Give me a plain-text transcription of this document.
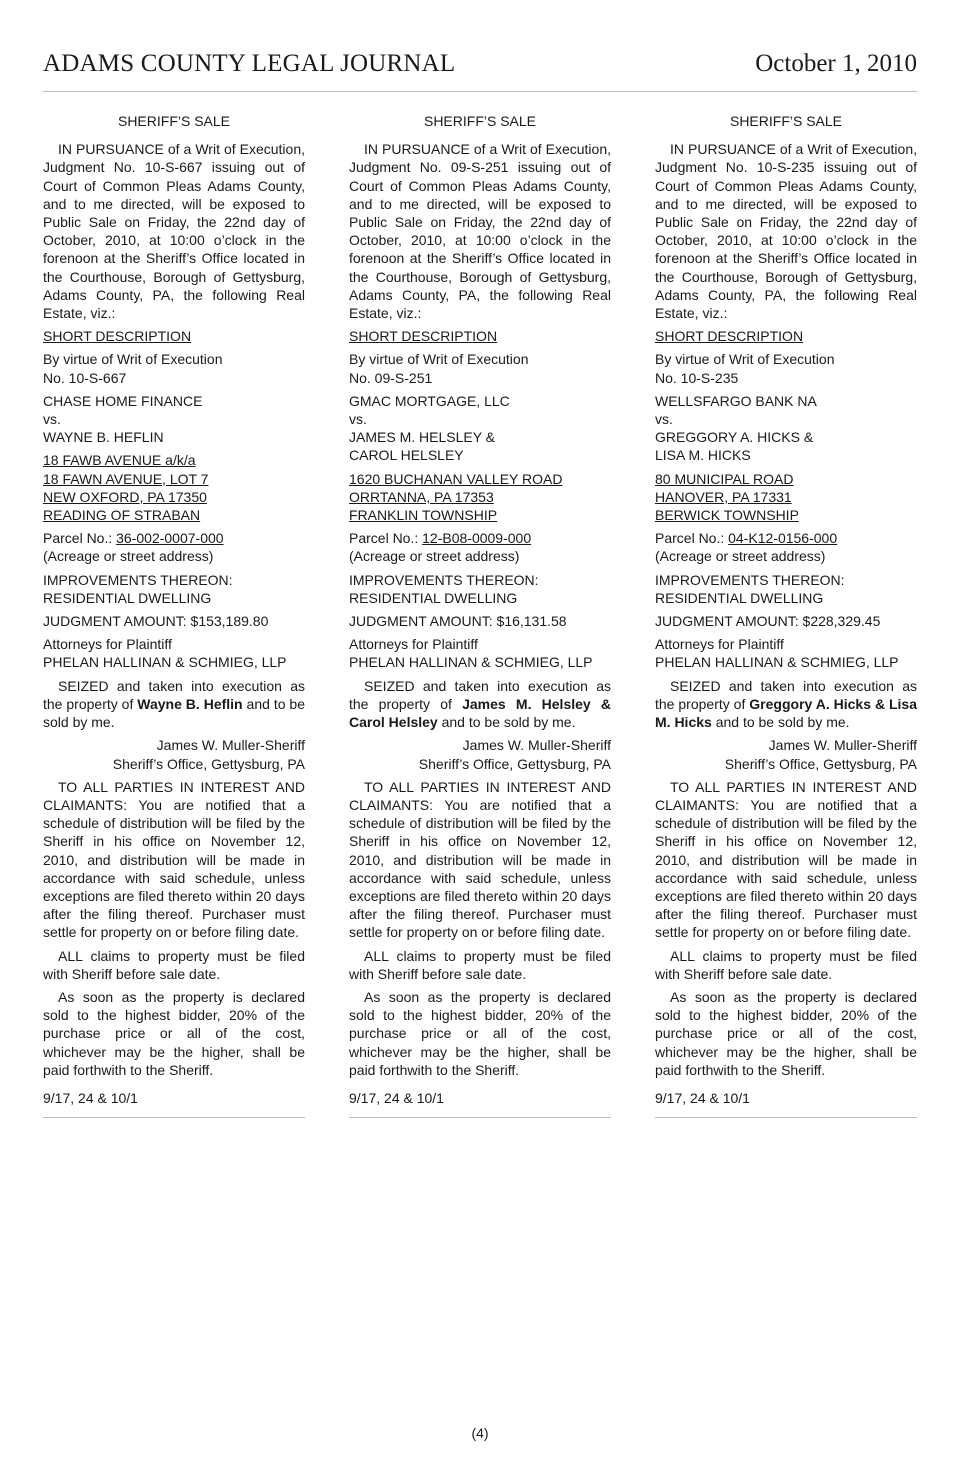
ADAMS COUNTY LEGAL JOURNAL	October 1, 2010

SHERIFF’S SALE

IN PURSUANCE of a Writ of Execution, Judgment No. 10-S-667 issuing out of Court of Common Pleas Adams County, and to me directed, will be exposed to Public Sale on Friday, the 22nd day of October, 2010, at 10:00 o’clock in the forenoon at the Sheriff’s Office located in the Courthouse, Borough of Gettysburg, Adams County, PA, the following Real Estate, viz.:

SHORT DESCRIPTION

By virtue of Writ of Execution

No. 10-S-667

CHASE HOME FINANCE

vs.

WAYNE B. HEFLIN

18 FAWB AVENUE a/k/a

18 FAWN AVENUE, LOT 7

NEW OXFORD, PA 17350

READING OF STRABAN

Parcel No.: 36-002-0007-000

(Acreage or street address)

IMPROVEMENTS THEREON:

RESIDENTIAL DWELLING

JUDGMENT AMOUNT: $153,189.80

Attorneys for Plaintiff

PHELAN HALLINAN & SCHMIEG, LLP

SEIZED and taken into execution as the property of Wayne B. Heflin and to be sold by me.

James W. Muller-Sheriff

Sheriff’s Office, Gettysburg, PA

TO ALL PARTIES IN INTEREST AND CLAIMANTS: You are notified that a schedule of distribution will be filed by the Sheriff in his office on November 12, 2010, and distribution will be made in accordance with said schedule, unless exceptions are filed thereto within 20 days after the filing thereof. Purchaser must settle for property on or before filing date.

ALL claims to property must be filed with Sheriff before sale date.

As soon as the property is declared sold to the highest bidder, 20% of the purchase price or all of the cost, whichever may be the higher, shall be paid forthwith to the Sheriff.

9/17, 24 & 10/1

SHERIFF’S SALE

IN PURSUANCE of a Writ of Execution, Judgment No. 09-S-251 issuing out of Court of Common Pleas Adams County, and to me directed, will be exposed to Public Sale on Friday, the 22nd day of October, 2010, at 10:00 o’clock in the forenoon at the Sheriff’s Office located in the Courthouse, Borough of Gettysburg, Adams County, PA, the following Real Estate, viz.:

SHORT DESCRIPTION

By virtue of Writ of Execution

No. 09-S-251

GMAC MORTGAGE, LLC

vs.

JAMES M. HELSLEY &

CAROL HELSLEY

1620 BUCHANAN VALLEY ROAD

ORRTANNA, PA 17353

FRANKLIN TOWNSHIP

Parcel No.: 12-B08-0009-000

(Acreage or street address)

IMPROVEMENTS THEREON:

RESIDENTIAL DWELLING

JUDGMENT AMOUNT: $16,131.58

Attorneys for Plaintiff

PHELAN HALLINAN & SCHMIEG, LLP

SEIZED and taken into execution as the property of James M. Helsley & Carol Helsley and to be sold by me.

James W. Muller-Sheriff

Sheriff’s Office, Gettysburg, PA

TO ALL PARTIES IN INTEREST AND CLAIMANTS: You are notified that a schedule of distribution will be filed by the Sheriff in his office on November 12, 2010, and distribution will be made in accordance with said schedule, unless exceptions are filed thereto within 20 days after the filing thereof. Purchaser must settle for property on or before filing date.

ALL claims to property must be filed with Sheriff before sale date.

As soon as the property is declared sold to the highest bidder, 20% of the purchase price or all of the cost, whichever may be the higher, shall be paid forthwith to the Sheriff.

9/17, 24 & 10/1

SHERIFF’S SALE

IN PURSUANCE of a Writ of Execution, Judgment No. 10-S-235 issuing out of Court of Common Pleas Adams County, and to me directed, will be exposed to Public Sale on Friday, the 22nd day of October, 2010, at 10:00 o’clock in the forenoon at the Sheriff’s Office located in the Courthouse, Borough of Gettysburg, Adams County, PA, the following Real Estate, viz.:

SHORT DESCRIPTION

By virtue of Writ of Execution

No. 10-S-235

WELLSFARGO BANK NA

vs.

GREGGORY A. HICKS &

LISA M. HICKS

80 MUNICIPAL ROAD

HANOVER, PA 17331

BERWICK TOWNSHIP

Parcel No.: 04-K12-0156-000

(Acreage or street address)

IMPROVEMENTS THEREON:

RESIDENTIAL DWELLING

JUDGMENT AMOUNT: $228,329.45

Attorneys for Plaintiff

PHELAN HALLINAN & SCHMIEG, LLP

SEIZED and taken into execution as the property of Greggory A. Hicks & Lisa M. Hicks and to be sold by me.

James W. Muller-Sheriff

Sheriff’s Office, Gettysburg, PA

TO ALL PARTIES IN INTEREST AND CLAIMANTS: You are notified that a schedule of distribution will be filed by the Sheriff in his office on November 12, 2010, and distribution will be made in accordance with said schedule, unless exceptions are filed thereto within 20 days after the filing thereof. Purchaser must settle for property on or before filing date.

ALL claims to property must be filed with Sheriff before sale date.

As soon as the property is declared sold to the highest bidder, 20% of the purchase price or all of the cost, whichever may be the higher, shall be paid forthwith to the Sheriff.

9/17, 24 & 10/1

(4)
